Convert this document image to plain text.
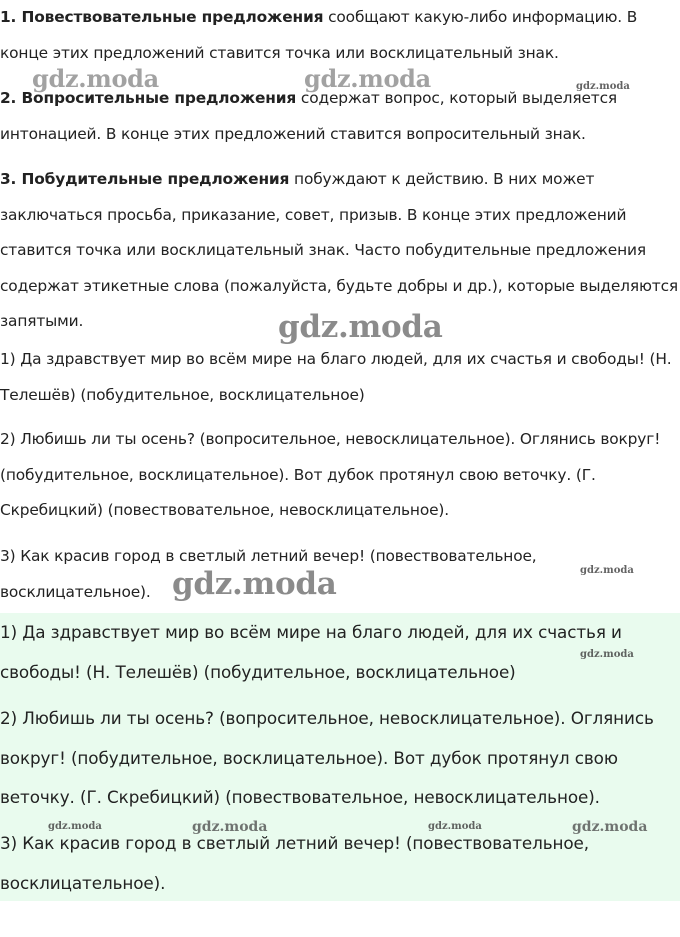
1. Повествовательные предложения сообщают какую-либо информацию. В конце этих предложений ставится точка или восклицательный знак.

2. Вопросительные предложения содержат вопрос, который выделяется интонацией. В конце этих предложений ставится вопросительный знак.

3. Побудительные предложения побуждают к действию. В них может заключаться просьба, приказание, совет, призыв. В конце этих предложений ставится точка или восклицательный знак. Часто побудительные предложения содержат этикетные слова (пожалуйста, будьте добры и др.), которые выделяются запятыми.

1) Да здравствует мир во всём мире на благо людей, для их счастья и свободы! (Н. Телешёв) (побудительное, восклицательное)

2) Любишь ли ты осень? (вопросительное, невосклицательное). Оглянись вокруг! (побудительное, восклицательное). Вот дубок протянул свою веточку. (Г. Скребицкий) (повествовательное, невосклицательное).

3) Как красив город в светлый летний вечер! (повествовательное, восклицательное).

1) Да здравствует мир во всём мире на благо людей, для их счастья и свободы! (Н. Телешёв) (побудительное, восклицательное)

2) Любишь ли ты осень? (вопросительное, невосклицательное). Оглянись вокруг! (побудительное, восклицательное). Вот дубок протянул свою веточку. (Г. Скребицкий) (повествовательное, невосклицательное).

3) Как красив город в светлый летний вечер! (повествовательное, восклицательное).

gdz.moda	gdz.moda	gdz.moda
gdz.moda
gdz.moda
gdz.moda
gdz.moda
gdz.moda	gdz.moda	gdz.moda	gdz.moda
